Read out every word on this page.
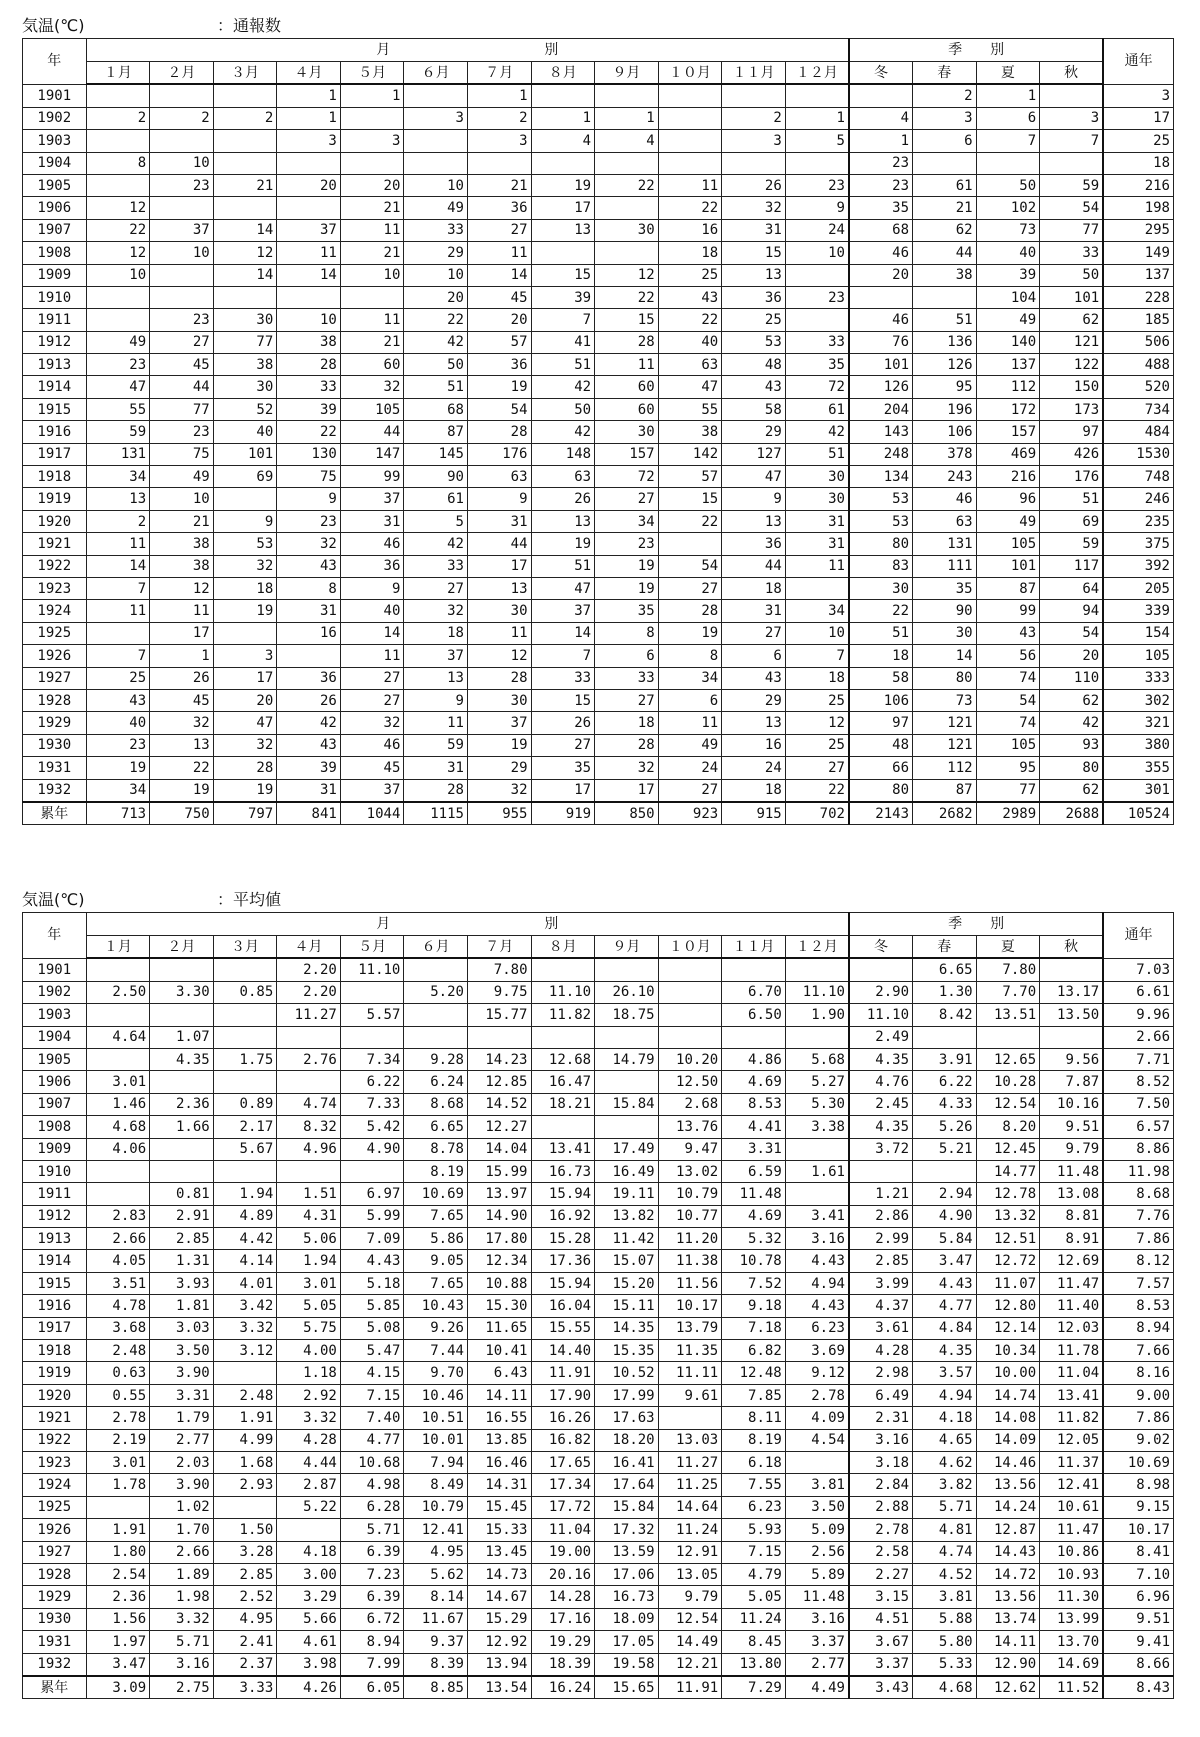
気温(℃)	：通報数
年	月　　　　　　　　　　　別												季　　別				通年
	１月	２月	３月	４月	５月	６月	７月	８月	９月	１０月	１１月	１２月	冬	春	夏	秋	
1901				1	1		1							2	1		3
1902	2	2	2	1		3	2	1	1		2	1	4	3	6	3	17
1903				3	3		3	4	4		3	5	1	6	7	7	25
1904	8	10											23				18
1905		23	21	20	20	10	21	19	22	11	26	23	23	61	50	59	216
1906	12				21	49	36	17		22	32	9	35	21	102	54	198
1907	22	37	14	37	11	33	27	13	30	16	31	24	68	62	73	77	295
1908	12	10	12	11	21	29	11			18	15	10	46	44	40	33	149
1909	10		14	14	10	10	14	15	12	25	13		20	38	39	50	137
1910						20	45	39	22	43	36	23			104	101	228
1911		23	30	10	11	22	20	7	15	22	25		46	51	49	62	185
1912	49	27	77	38	21	42	57	41	28	40	53	33	76	136	140	121	506
1913	23	45	38	28	60	50	36	51	11	63	48	35	101	126	137	122	488
1914	47	44	30	33	32	51	19	42	60	47	43	72	126	95	112	150	520
1915	55	77	52	39	105	68	54	50	60	55	58	61	204	196	172	173	734
1916	59	23	40	22	44	87	28	42	30	38	29	42	143	106	157	97	484
1917	131	75	101	130	147	145	176	148	157	142	127	51	248	378	469	426	1530
1918	34	49	69	75	99	90	63	63	72	57	47	30	134	243	216	176	748
1919	13	10		9	37	61	9	26	27	15	9	30	53	46	96	51	246
1920	2	21	9	23	31	5	31	13	34	22	13	31	53	63	49	69	235
1921	11	38	53	32	46	42	44	19	23		36	31	80	131	105	59	375
1922	14	38	32	43	36	33	17	51	19	54	44	11	83	111	101	117	392
1923	7	12	18	8	9	27	13	47	19	27	18		30	35	87	64	205
1924	11	11	19	31	40	32	30	37	35	28	31	34	22	90	99	94	339
1925		17		16	14	18	11	14	8	19	27	10	51	30	43	54	154
1926	7	1	3		11	37	12	7	6	8	6	7	18	14	56	20	105
1927	25	26	17	36	27	13	28	33	33	34	43	18	58	80	74	110	333
1928	43	45	20	26	27	9	30	15	27	6	29	25	106	73	54	62	302
1929	40	32	47	42	32	11	37	26	18	11	13	12	97	121	74	42	321
1930	23	13	32	43	46	59	19	27	28	49	16	25	48	121	105	93	380
1931	19	22	28	39	45	31	29	35	32	24	24	27	66	112	95	80	355
1932	34	19	19	31	37	28	32	17	17	27	18	22	80	87	77	62	301
累年	713	750	797	841	1044	1115	955	919	850	923	915	702	2143	2682	2989	2688	10524
気温(℃)	：平均値
年	月　　　　　　　　　　　別												季　　別				通年
	１月	２月	３月	４月	５月	６月	７月	８月	９月	１０月	１１月	１２月	冬	春	夏	秋	
1901				2.20	11.10		7.80							6.65	7.80		7.03
1902	2.50	3.30	0.85	2.20		5.20	9.75	11.10	26.10		6.70	11.10	2.90	1.30	7.70	13.17	6.61
1903				11.27	5.57		15.77	11.82	18.75		6.50	1.90	11.10	8.42	13.51	13.50	9.96
1904	4.64	1.07											2.49				2.66
1905		4.35	1.75	2.76	7.34	9.28	14.23	12.68	14.79	10.20	4.86	5.68	4.35	3.91	12.65	9.56	7.71
1906	3.01				6.22	6.24	12.85	16.47		12.50	4.69	5.27	4.76	6.22	10.28	7.87	8.52
1907	1.46	2.36	0.89	4.74	7.33	8.68	14.52	18.21	15.84	2.68	8.53	5.30	2.45	4.33	12.54	10.16	7.50
1908	4.68	1.66	2.17	8.32	5.42	6.65	12.27			13.76	4.41	3.38	4.35	5.26	8.20	9.51	6.57
1909	4.06		5.67	4.96	4.90	8.78	14.04	13.41	17.49	9.47	3.31		3.72	5.21	12.45	9.79	8.86
1910						8.19	15.99	16.73	16.49	13.02	6.59	1.61			14.77	11.48	11.98
1911		0.81	1.94	1.51	6.97	10.69	13.97	15.94	19.11	10.79	11.48		1.21	2.94	12.78	13.08	8.68
1912	2.83	2.91	4.89	4.31	5.99	7.65	14.90	16.92	13.82	10.77	4.69	3.41	2.86	4.90	13.32	8.81	7.76
1913	2.66	2.85	4.42	5.06	7.09	5.86	17.80	15.28	11.42	11.20	5.32	3.16	2.99	5.84	12.51	8.91	7.86
1914	4.05	1.31	4.14	1.94	4.43	9.05	12.34	17.36	15.07	11.38	10.78	4.43	2.85	3.47	12.72	12.69	8.12
1915	3.51	3.93	4.01	3.01	5.18	7.65	10.88	15.94	15.20	11.56	7.52	4.94	3.99	4.43	11.07	11.47	7.57
1916	4.78	1.81	3.42	5.05	5.85	10.43	15.30	16.04	15.11	10.17	9.18	4.43	4.37	4.77	12.80	11.40	8.53
1917	3.68	3.03	3.32	5.75	5.08	9.26	11.65	15.55	14.35	13.79	7.18	6.23	3.61	4.84	12.14	12.03	8.94
1918	2.48	3.50	3.12	4.00	5.47	7.44	10.41	14.40	15.35	11.35	6.82	3.69	4.28	4.35	10.34	11.78	7.66
1919	0.63	3.90		1.18	4.15	9.70	6.43	11.91	10.52	11.11	12.48	9.12	2.98	3.57	10.00	11.04	8.16
1920	0.55	3.31	2.48	2.92	7.15	10.46	14.11	17.90	17.99	9.61	7.85	2.78	6.49	4.94	14.74	13.41	9.00
1921	2.78	1.79	1.91	3.32	7.40	10.51	16.55	16.26	17.63		8.11	4.09	2.31	4.18	14.08	11.82	7.86
1922	2.19	2.77	4.99	4.28	4.77	10.01	13.85	16.82	18.20	13.03	8.19	4.54	3.16	4.65	14.09	12.05	9.02
1923	3.01	2.03	1.68	4.44	10.68	7.94	16.46	17.65	16.41	11.27	6.18		3.18	4.62	14.46	11.37	10.69
1924	1.78	3.90	2.93	2.87	4.98	8.49	14.31	17.34	17.64	11.25	7.55	3.81	2.84	3.82	13.56	12.41	8.98
1925		1.02		5.22	6.28	10.79	15.45	17.72	15.84	14.64	6.23	3.50	2.88	5.71	14.24	10.61	9.15
1926	1.91	1.70	1.50		5.71	12.41	15.33	11.04	17.32	11.24	5.93	5.09	2.78	4.81	12.87	11.47	10.17
1927	1.80	2.66	3.28	4.18	6.39	4.95	13.45	19.00	13.59	12.91	7.15	2.56	2.58	4.74	14.43	10.86	8.41
1928	2.54	1.89	2.85	3.00	7.23	5.62	14.73	20.16	17.06	13.05	4.79	5.89	2.27	4.52	14.72	10.93	7.10
1929	2.36	1.98	2.52	3.29	6.39	8.14	14.67	14.28	16.73	9.79	5.05	11.48	3.15	3.81	13.56	11.30	6.96
1930	1.56	3.32	4.95	5.66	6.72	11.67	15.29	17.16	18.09	12.54	11.24	3.16	4.51	5.88	13.74	13.99	9.51
1931	1.97	5.71	2.41	4.61	8.94	9.37	12.92	19.29	17.05	14.49	8.45	3.37	3.67	5.80	14.11	13.70	9.41
1932	3.47	3.16	2.37	3.98	7.99	8.39	13.94	18.39	19.58	12.21	13.80	2.77	3.37	5.33	12.90	14.69	8.66
累年	3.09	2.75	3.33	4.26	6.05	8.85	13.54	16.24	15.65	11.91	7.29	4.49	3.43	4.68	12.62	11.52	8.43
